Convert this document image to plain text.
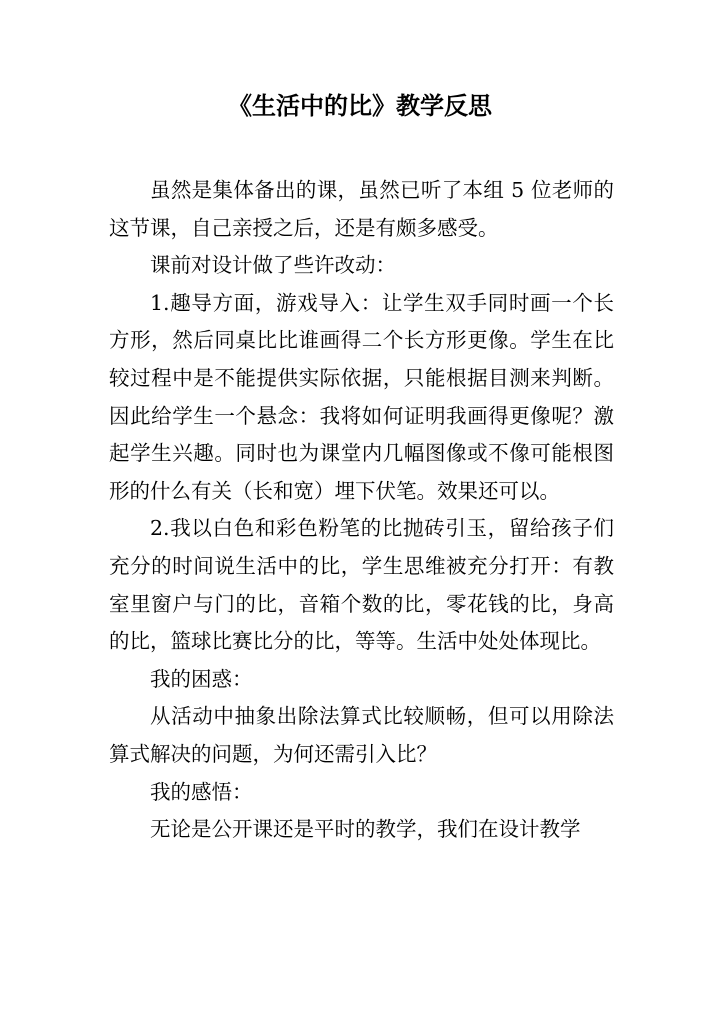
《生活中的比》教学反思

虽然是集体备出的课，虽然已听了本组 5 位老师的这节课，自己亲授之后，还是有颇多感受。

课前对设计做了些许改动：

1.趣导方面，游戏导入：让学生双手同时画一个长方形，然后同桌比比谁画得二个长方形更像。学生在比较过程中是不能提供实际依据，只能根据目测来判断。因此给学生一个悬念：我将如何证明我画得更像呢？激起学生兴趣。同时也为课堂内几幅图像或不像可能根图形的什么有关（长和宽）埋下伏笔。效果还可以。

2.我以白色和彩色粉笔的比抛砖引玉，留给孩子们充分的时间说生活中的比，学生思维被充分打开：有教室里窗户与门的比，音箱个数的比，零花钱的比，身高的比，篮球比赛比分的比，等等。生活中处处体现比。

我的困惑：

从活动中抽象出除法算式比较顺畅，但可以用除法算式解决的问题，为何还需引入比？

我的感悟：

无论是公开课还是平时的教学，我们在设计教学
